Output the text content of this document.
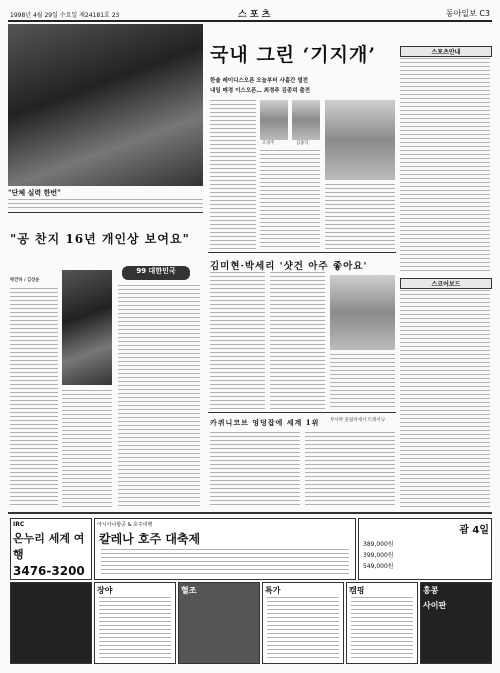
1998년 4월 29일 수요일 제24181호 23	스 포 츠	동아일보 C3
"단체 실력 한번"
국내 그린 ‘기지개’
한솔 레이디스오픈 오늘부터 사흘간 열전
내일 매경 이스오픈… 최경주 김종덕 출전
조경주	김종덕
스포츠안내
스코어보드
"공 찬지 16년 개인상 보여요"
박건하 / 김상운
99 대한민국	김미현·박세리 '샷건 아주 좋아요'
카퀴니코브 엉덩잡에 세계 1위	무사박 올림픽에서 트레이닝
IRC
온누리 세계 여행
3476-3200
아시아나항공 & 호주여행
칼레나 호주 대축제
괌 4일
389,000원
399,000원
549,000원
장야	혈조	특가	캠핑	홍콩
사이판
